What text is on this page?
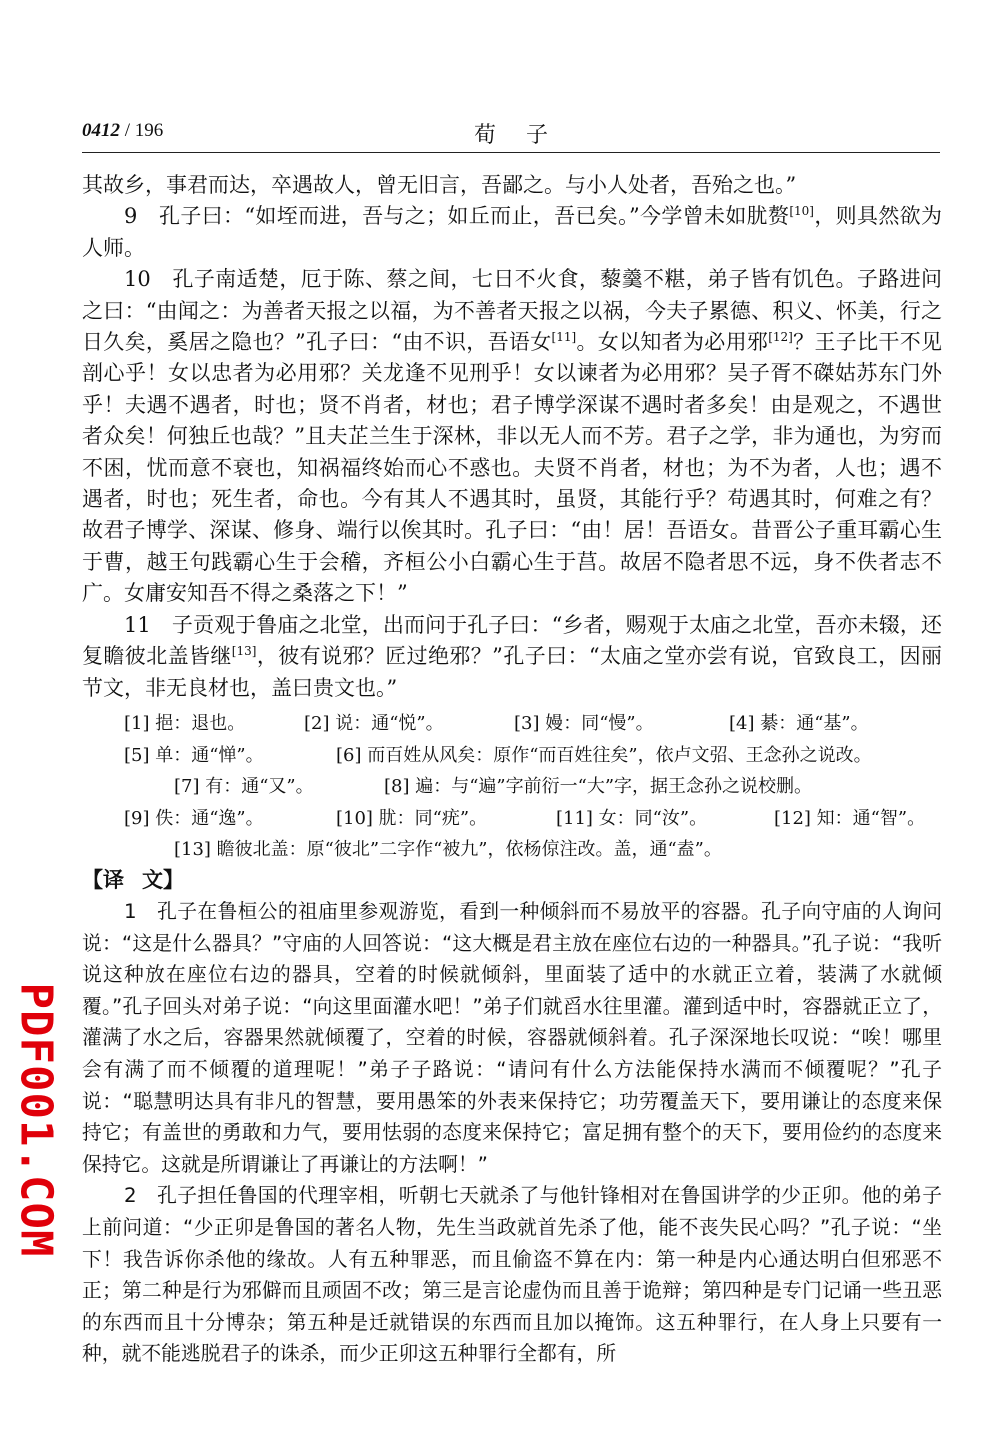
0412 / 196	荀子

其故乡，事君而达，卒遇故人，曾无旧言，吾鄙之。与小人处者，吾殆之也。”

9　孔子曰：“如垤而进，吾与之；如丘而止，吾已矣。”今学曾未如肬赘[10]，则具然欲为人师。

10　孔子南适楚，厄于陈、蔡之间，七日不火食，藜羹不糂，弟子皆有饥色。子路进问之曰：“由闻之：为善者天报之以福，为不善者天报之以祸，今夫子累德、积义、怀美，行之日久矣，奚居之隐也？”孔子曰：“由不识，吾语女[11]。女以知者为必用邪[12]？王子比干不见剖心乎！女以忠者为必用邪？关龙逢不见刑乎！女以谏者为必用邪？吴子胥不磔姑苏东门外乎！夫遇不遇者，时也；贤不肖者，材也；君子博学深谋不遇时者多矣！由是观之，不遇世者众矣！何独丘也哉？”且夫芷兰生于深林，非以无人而不芳。君子之学，非为通也，为穷而不困，忧而意不衰也，知祸福终始而心不惑也。夫贤不肖者，材也；为不为者，人也；遇不遇者，时也；死生者，命也。今有其人不遇其时，虽贤，其能行乎？苟遇其时，何难之有？故君子博学、深谋、修身、端行以俟其时。孔子曰：“由！居！吾语女。昔晋公子重耳霸心生于曹，越王句践霸心生于会稽，齐桓公小白霸心生于莒。故居不隐者思不远，身不佚者志不广。女庸安知吾不得之桑落之下！”

11　子贡观于鲁庙之北堂，出而问于孔子曰：“乡者，赐观于太庙之北堂，吾亦未辍，还复瞻彼北盖皆继[13]，彼有说邪？匠过绝邪？”孔子曰：“太庙之堂亦尝有说，官致良工，因丽节文，非无良材也，盖曰贵文也。”

[1] 挹：退也。	[2] 说：通“悦”。	[3] 嫚：同“慢”。	[4] 綦：通“基”。
[5] 单：通“惮”。	[6] 而百姓从风矣：原作“而百姓往矣”，依卢文弨、王念孙之说改。
[7] 有：通“又”。	[8] 遍：与“遍”字前衍一“大”字，据王念孙之说校删。
[9] 佚：通“逸”。	[10] 肬：同“疣”。	[11] 女：同“汝”。	[12] 知：通“智”。
[13] 瞻彼北盖：原“彼北”二字作“被九”，依杨倞注改。盖，通“盍”。
【译 文】

1　孔子在鲁桓公的祖庙里参观游览，看到一种倾斜而不易放平的容器。孔子向守庙的人询问说：“这是什么器具？”守庙的人回答说：“这大概是君主放在座位右边的一种器具。”孔子说：“我听说这种放在座位右边的器具，空着的时候就倾斜，里面装了适中的水就正立着，装满了水就倾覆。”孔子回头对弟子说：“向这里面灌水吧！”弟子们就舀水往里灌。灌到适中时，容器就正立了，灌满了水之后，容器果然就倾覆了，空着的时候，容器就倾斜着。孔子深深地长叹说：“唉！哪里会有满了而不倾覆的道理呢！”弟子子路说：“请问有什么方法能保持水满而不倾覆呢？”孔子说：“聪慧明达具有非凡的智慧，要用愚笨的外表来保持它；功劳覆盖天下，要用谦让的态度来保持它；有盖世的勇敢和力气，要用怯弱的态度来保持它；富足拥有整个的天下，要用俭约的态度来保持它。这就是所谓谦让了再谦让的方法啊！”

2　孔子担任鲁国的代理宰相，听朝七天就杀了与他针锋相对在鲁国讲学的少正卯。他的弟子上前问道：“少正卯是鲁国的著名人物，先生当政就首先杀了他，能不丧失民心吗？”孔子说：“坐下！我告诉你杀他的缘故。人有五种罪恶，而且偷盗不算在内：第一种是内心通达明白但邪恶不正；第二种是行为邪僻而且顽固不改；第三是言论虚伪而且善于诡辩；第四种是专门记诵一些丑恶的东西而且十分博杂；第五种是迁就错误的东西而且加以掩饰。这五种罪行，在人身上只要有一种，就不能逃脱君子的诛杀，而少正卯这五种罪行全都有，所

PDF001.COM
